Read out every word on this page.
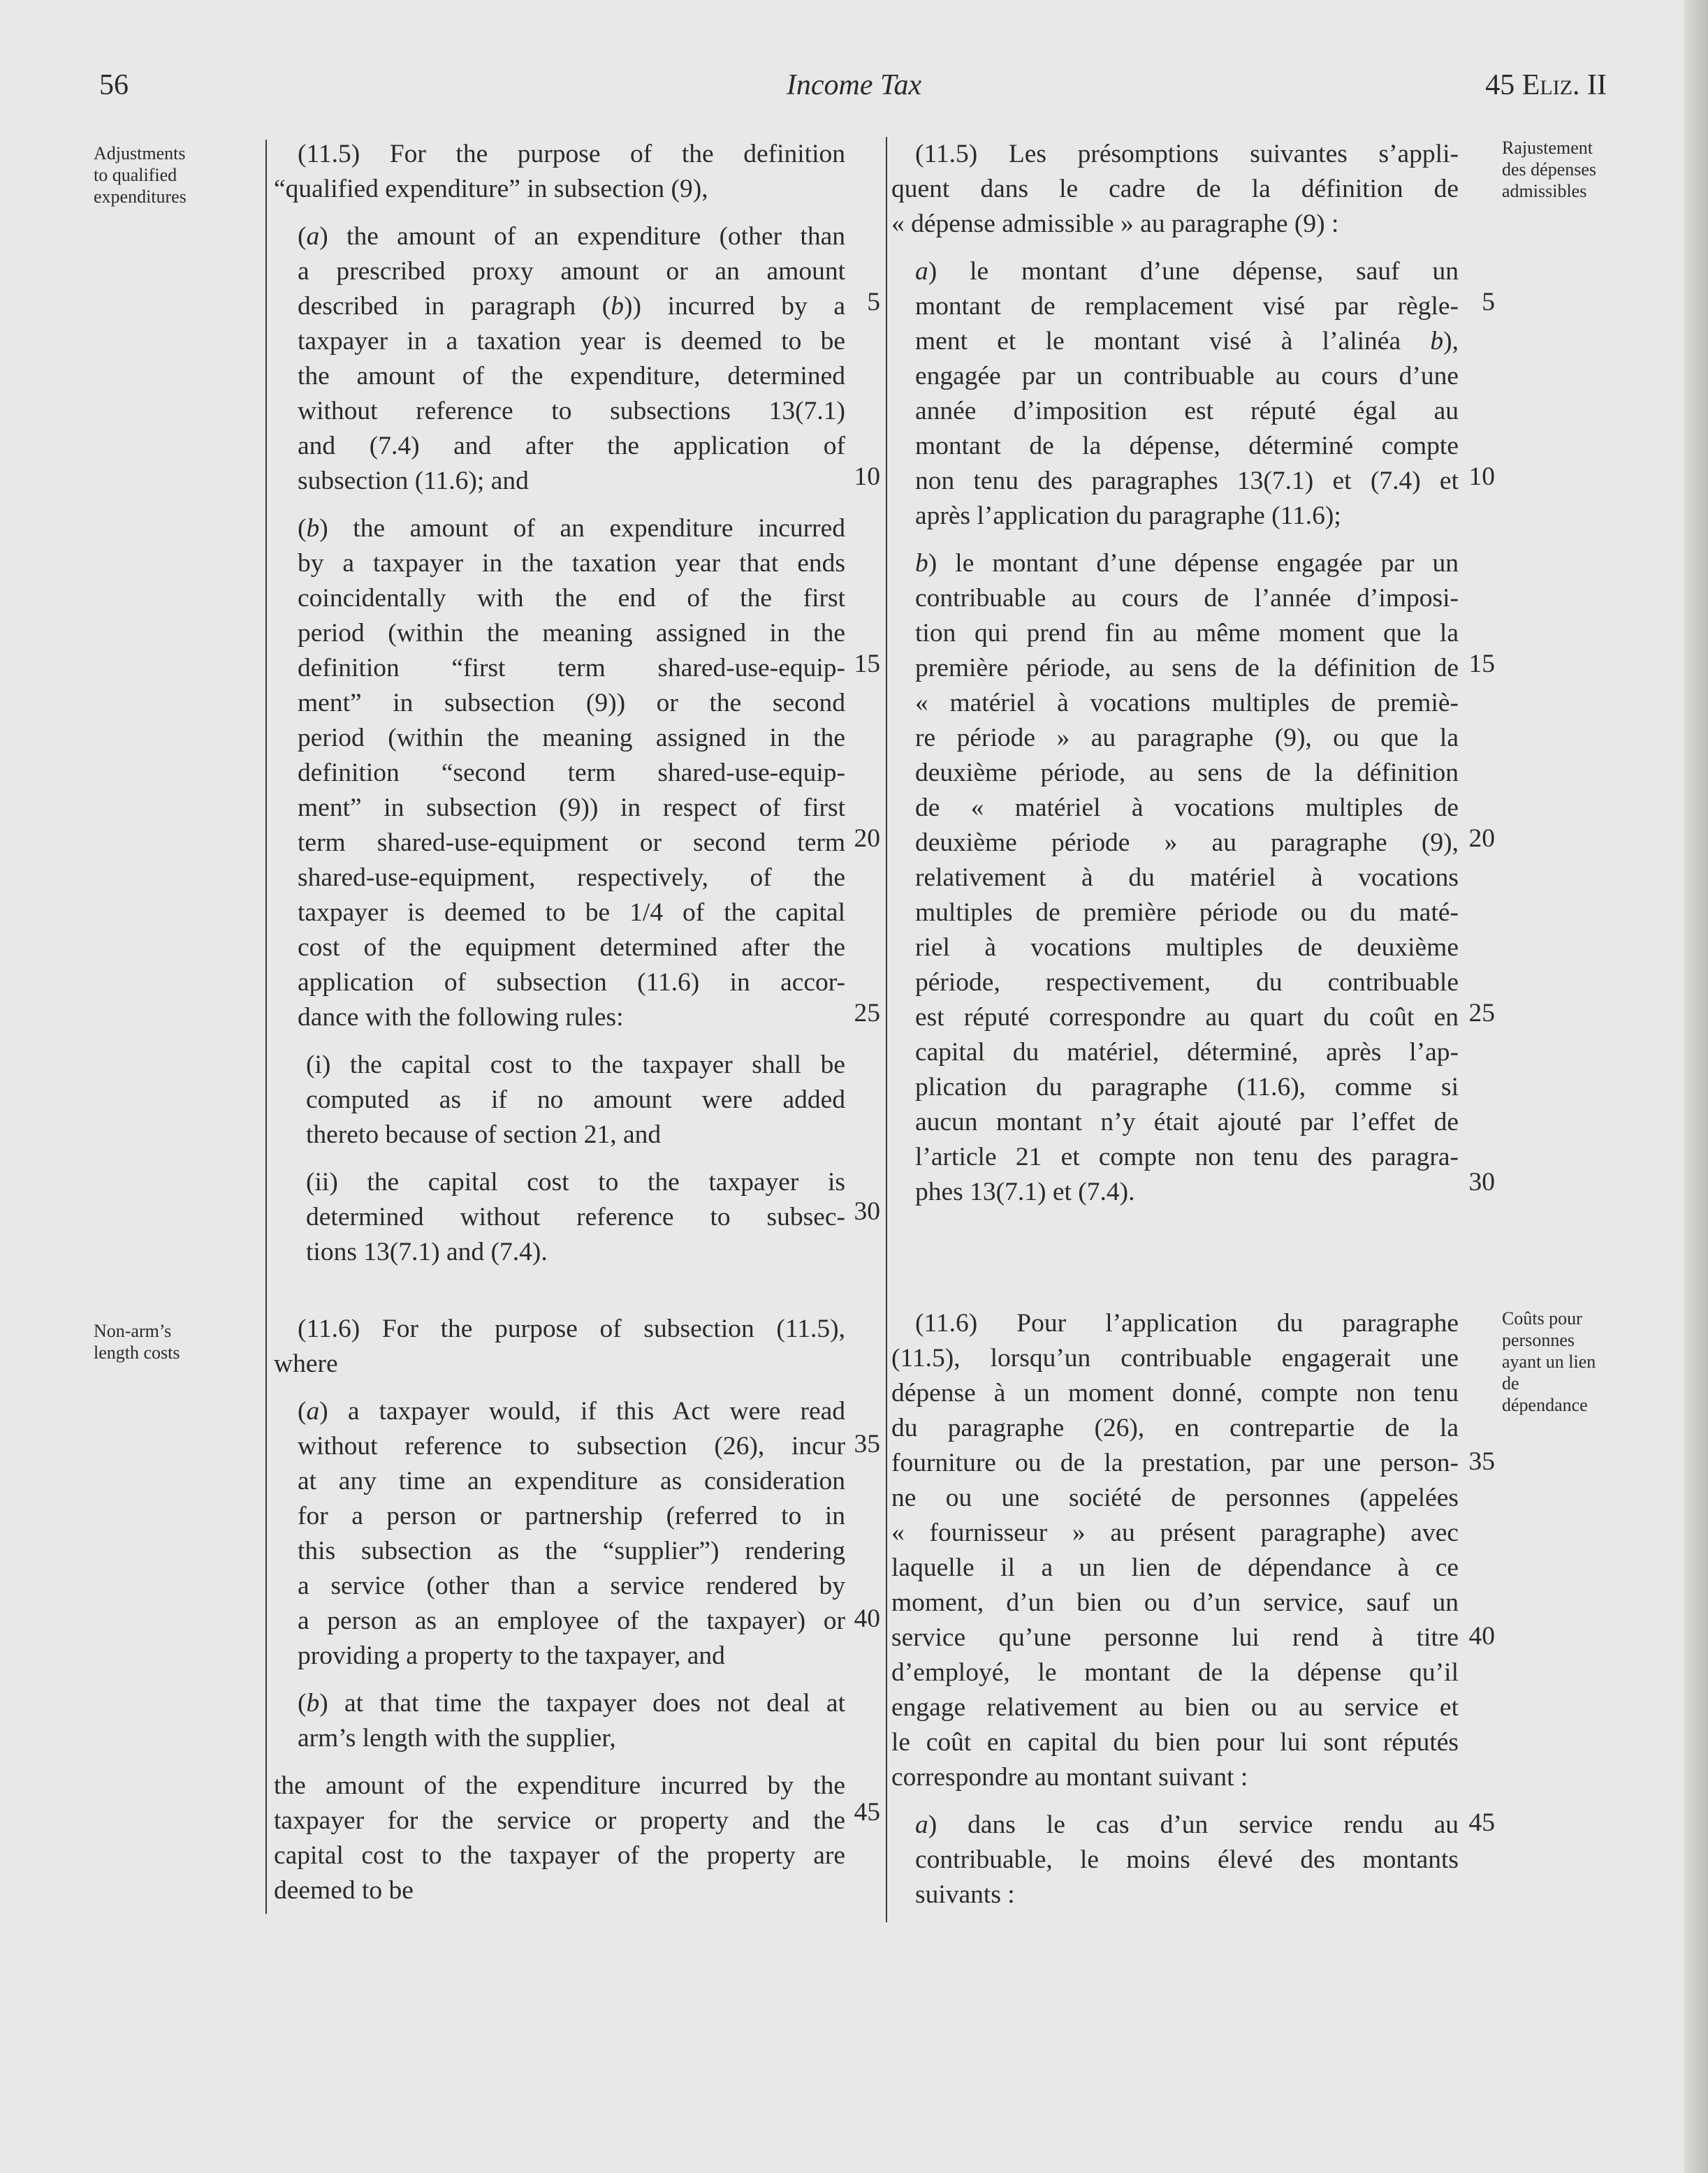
56	Income Tax	45 ELIZ. II
Adjustments
to qualified
expenditures
Rajustement
des dépenses
admissibles
Non-arm’s
length costs
Coûts pour
personnes
ayant un lien
de
dépendance
(11.5) For the purpose of the definition
“qualified expenditure” in subsection (9),
(a) the amount of an expenditure (other than
a prescribed proxy amount or an amount
described in paragraph (b)) incurred by a
taxpayer in a taxation year is deemed to be
the amount of the expenditure, determined
without reference to subsections 13(7.1)
and (7.4) and after the application of
subsection (11.6); and
(b) the amount of an expenditure incurred
by a taxpayer in the taxation year that ends
coincidentally with the end of the first
period (within the meaning assigned in the
definition “first term shared-use-equip-
ment” in subsection (9)) or the second
period (within the meaning assigned in the
definition “second term shared-use-equip-
ment” in subsection (9)) in respect of first
term shared-use-equipment or second term
shared-use-equipment, respectively, of the
taxpayer is deemed to be 1/4 of the capital
cost of the equipment determined after the
application of subsection (11.6) in accor-
dance with the following rules:
(i) the capital cost to the taxpayer shall be
computed as if no amount were added
thereto because of section 21, and
(ii) the capital cost to the taxpayer is
determined without reference to subsec-
tions 13(7.1) and (7.4).
(11.6) For the purpose of subsection (11.5),
where
(a) a taxpayer would, if this Act were read
without reference to subsection (26), incur
at any time an expenditure as consideration
for a person or partnership (referred to in
this subsection as the “supplier”) rendering
a service (other than a service rendered by
a person as an employee of the taxpayer) or
providing a property to the taxpayer, and
(b) at that time the taxpayer does not deal at
arm’s length with the supplier,
the amount of the expenditure incurred by the
taxpayer for the service or property and the
capital cost to the taxpayer of the property are
deemed to be
(11.5) Les présomptions suivantes s’appli-
quent dans le cadre de la définition de
« dépense admissible » au paragraphe (9) :
a) le montant d’une dépense, sauf un
montant de remplacement visé par règle-
ment et le montant visé à l’alinéa b),
engagée par un contribuable au cours d’une
année d’imposition est réputé égal au
montant de la dépense, déterminé compte
non tenu des paragraphes 13(7.1) et (7.4) et
après l’application du paragraphe (11.6);
b) le montant d’une dépense engagée par un
contribuable au cours de l’année d’imposi-
tion qui prend fin au même moment que la
première période, au sens de la définition de
« matériel à vocations multiples de premiè-
re période » au paragraphe (9), ou que la
deuxième période, au sens de la définition
de « matériel à vocations multiples de
deuxième période » au paragraphe (9),
relativement à du matériel à vocations
multiples de première période ou du maté-
riel à vocations multiples de deuxième
période, respectivement, du contribuable
est réputé correspondre au quart du coût en
capital du matériel, déterminé, après l’ap-
plication du paragraphe (11.6), comme si
aucun montant n’y était ajouté par l’effet de
l’article 21 et compte non tenu des paragra-
phes 13(7.1) et (7.4).
(11.6) Pour l’application du paragraphe
(11.5), lorsqu’un contribuable engagerait une
dépense à un moment donné, compte non tenu
du paragraphe (26), en contrepartie de la
fourniture ou de la prestation, par une person-
ne ou une société de personnes (appelées
« fournisseur » au présent paragraphe) avec
laquelle il a un lien de dépendance à ce
moment, d’un bien ou d’un service, sauf un
service qu’une personne lui rend à titre
d’employé, le montant de la dépense qu’il
engage relativement au bien ou au service et
le coût en capital du bien pour lui sont réputés
correspondre au montant suivant :
a) dans le cas d’un service rendu au
contribuable, le moins élevé des montants
suivants :
5
10
15
20
25
30
35
40
45
5
10
15
20
25
30
35
40
45
